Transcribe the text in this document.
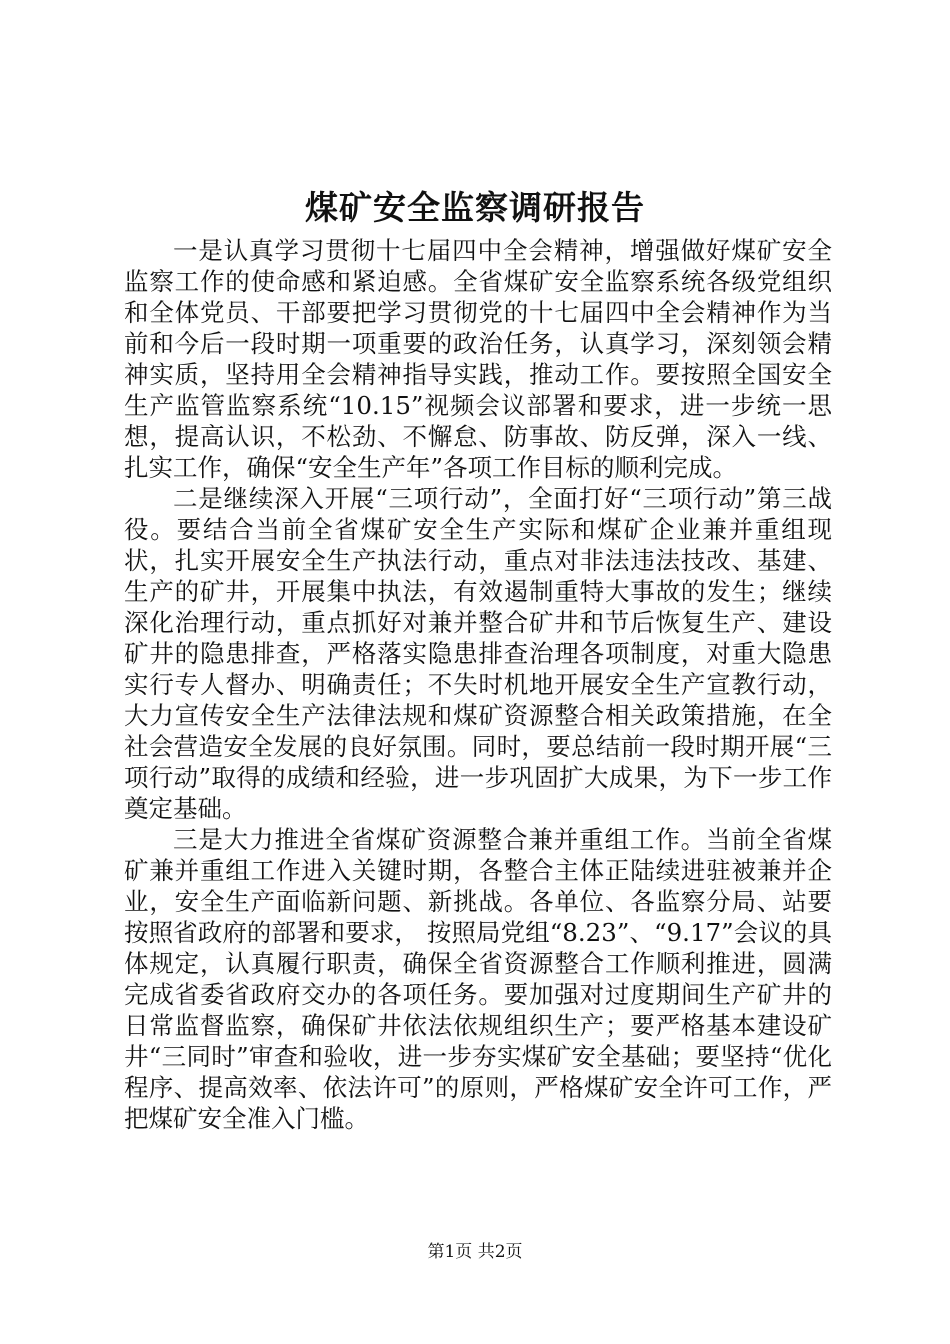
煤矿安全监察调研报告

一是认真学习贯彻十七届四中全会精神，增强做好煤矿安全监察工作的使命感和紧迫感。全省煤矿安全监察系统各级党组织和全体党员、干部要把学习贯彻党的十七届四中全会精神作为当前和今后一段时期一项重要的政治任务，认真学习，深刻领会精神实质，坚持用全会精神指导实践，推动工作。要按照全国安全生产监管监察系统“10.15”视频会议部署和要求，进一步统一思想，提高认识，不松劲、不懈怠、防事故、防反弹，深入一线、扎实工作，确保“安全生产年”各项工作目标的顺利完成。

二是继续深入开展“三项行动”，全面打好“三项行动”第三战役。要结合当前全省煤矿安全生产实际和煤矿企业兼并重组现状，扎实开展安全生产执法行动，重点对非法违法技改、基建、生产的矿井，开展集中执法，有效遏制重特大事故的发生；继续深化治理行动，重点抓好对兼并整合矿井和节后恢复生产、建设矿井的隐患排查，严格落实隐患排查治理各项制度，对重大隐患实行专人督办、明确责任；不失时机地开展安全生产宣教行动，大力宣传安全生产法律法规和煤矿资源整合相关政策措施，在全社会营造安全发展的良好氛围。同时，要总结前一段时期开展“三项行动”取得的成绩和经验，进一步巩固扩大成果，为下一步工作奠定基础。

三是大力推进全省煤矿资源整合兼并重组工作。当前全省煤矿兼并重组工作进入关键时期，各整合主体正陆续进驻被兼并企业，安全生产面临新问题、新挑战。各单位、各监察分局、站要按照省政府的部署和要求， 按照局党组“8.23”、“9.17”会议的具体规定，认真履行职责，确保全省资源整合工作顺利推进，圆满完成省委省政府交办的各项任务。要加强对过度期间生产矿井的日常监督监察，确保矿井依法依规组织生产；要严格基本建设矿井“三同时”审查和验收，进一步夯实煤矿安全基础；要坚持“优化程序、提高效率、依法许可”的原则，严格煤矿安全许可工作，严把煤矿安全准入门槛。

第1页 共2页
